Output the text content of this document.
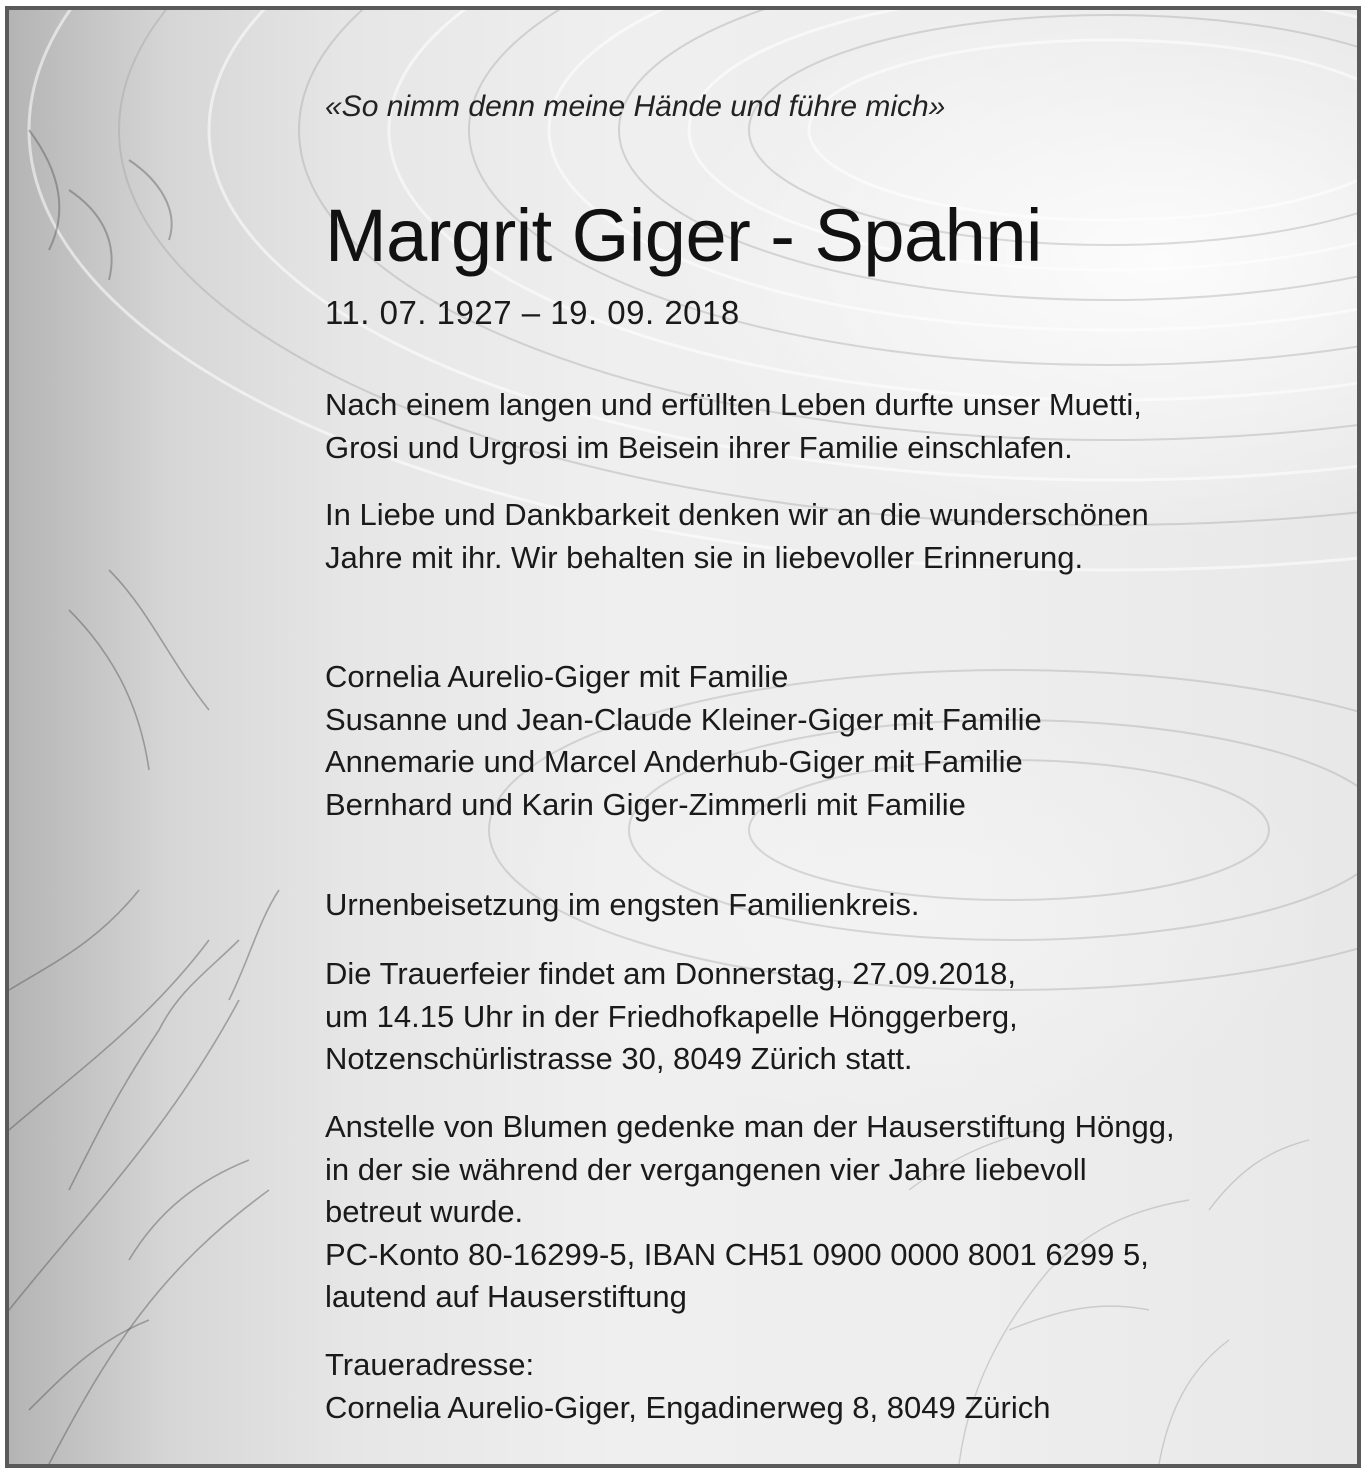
«So nimm denn meine Hände und führe mich»
Margrit Giger - Spahni
11. 07. 1927 – 19. 09. 2018
Nach einem langen und erfüllten Leben durfte unser Muetti,
Grosi und Urgrosi im Beisein ihrer Familie einschlafen.
In Liebe und Dankbarkeit denken wir an die wunderschönen
Jahre mit ihr. Wir behalten sie in liebevoller Erinnerung.
Cornelia Aurelio-Giger mit Familie
Susanne und Jean-Claude Kleiner-Giger mit Familie
Annemarie und Marcel Anderhub-Giger mit Familie
Bernhard und Karin Giger-Zimmerli mit Familie
Urnenbeisetzung im engsten Familienkreis.
Die Trauerfeier findet am Donnerstag, 27.09.2018,
um 14.15 Uhr in der Friedhofkapelle Hönggerberg,
Notzenschürlistrasse 30, 8049 Zürich statt.
Anstelle von Blumen gedenke man der Hauserstiftung Höngg,
in der sie während der vergangenen vier Jahre liebevoll
betreut wurde.
PC-Konto 80-16299-5, IBAN CH51 0900 0000 8001 6299 5,
lautend auf Hauserstiftung
Traueradresse:
Cornelia Aurelio-Giger, Engadinerweg 8, 8049 Zürich
